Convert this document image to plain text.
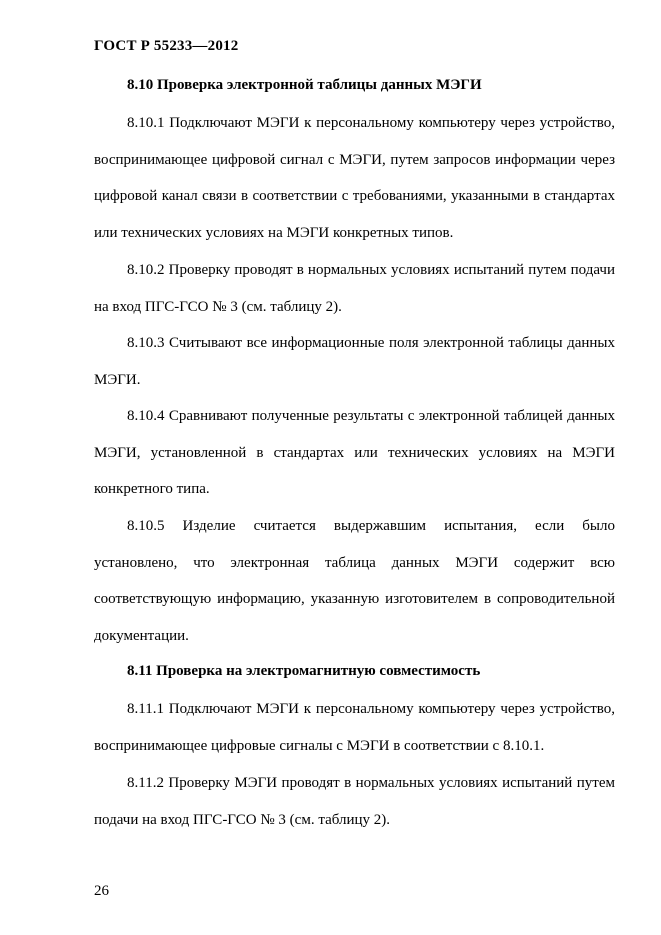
ГОСТ Р 55233—2012
8.10 Проверка электронной таблицы данных МЭГИ

8.10.1 Подключают МЭГИ к персональному компьютеру через устройство, воспринимающее цифровой сигнал с МЭГИ, путем запросов информации через цифровой канал связи в соответствии с требованиями, указанными в стандартах или технических условиях на МЭГИ конкретных типов.

8.10.2 Проверку проводят в нормальных условиях испытаний путем подачи на вход ПГС-ГСО № 3 (см. таблицу 2).

8.10.3 Считывают все информационные поля электронной таблицы данных МЭГИ.

8.10.4 Сравнивают полученные результаты с электронной таблицей данных МЭГИ, установленной в стандартах или технических условиях на МЭГИ конкретного типа.

8.10.5 Изделие считается выдержавшим испытания, если было установлено, что электронная таблица данных МЭГИ содержит всю соответствующую информацию, указанную изготовителем в сопроводительной документации.

8.11 Проверка на электромагнитную совместимость

8.11.1 Подключают МЭГИ к персональному компьютеру через устройство, воспринимающее цифровые сигналы с МЭГИ в соответствии с 8.10.1.

8.11.2 Проверку МЭГИ проводят в нормальных условиях испытаний путем подачи на вход ПГС-ГСО № 3 (см. таблицу 2).

26
